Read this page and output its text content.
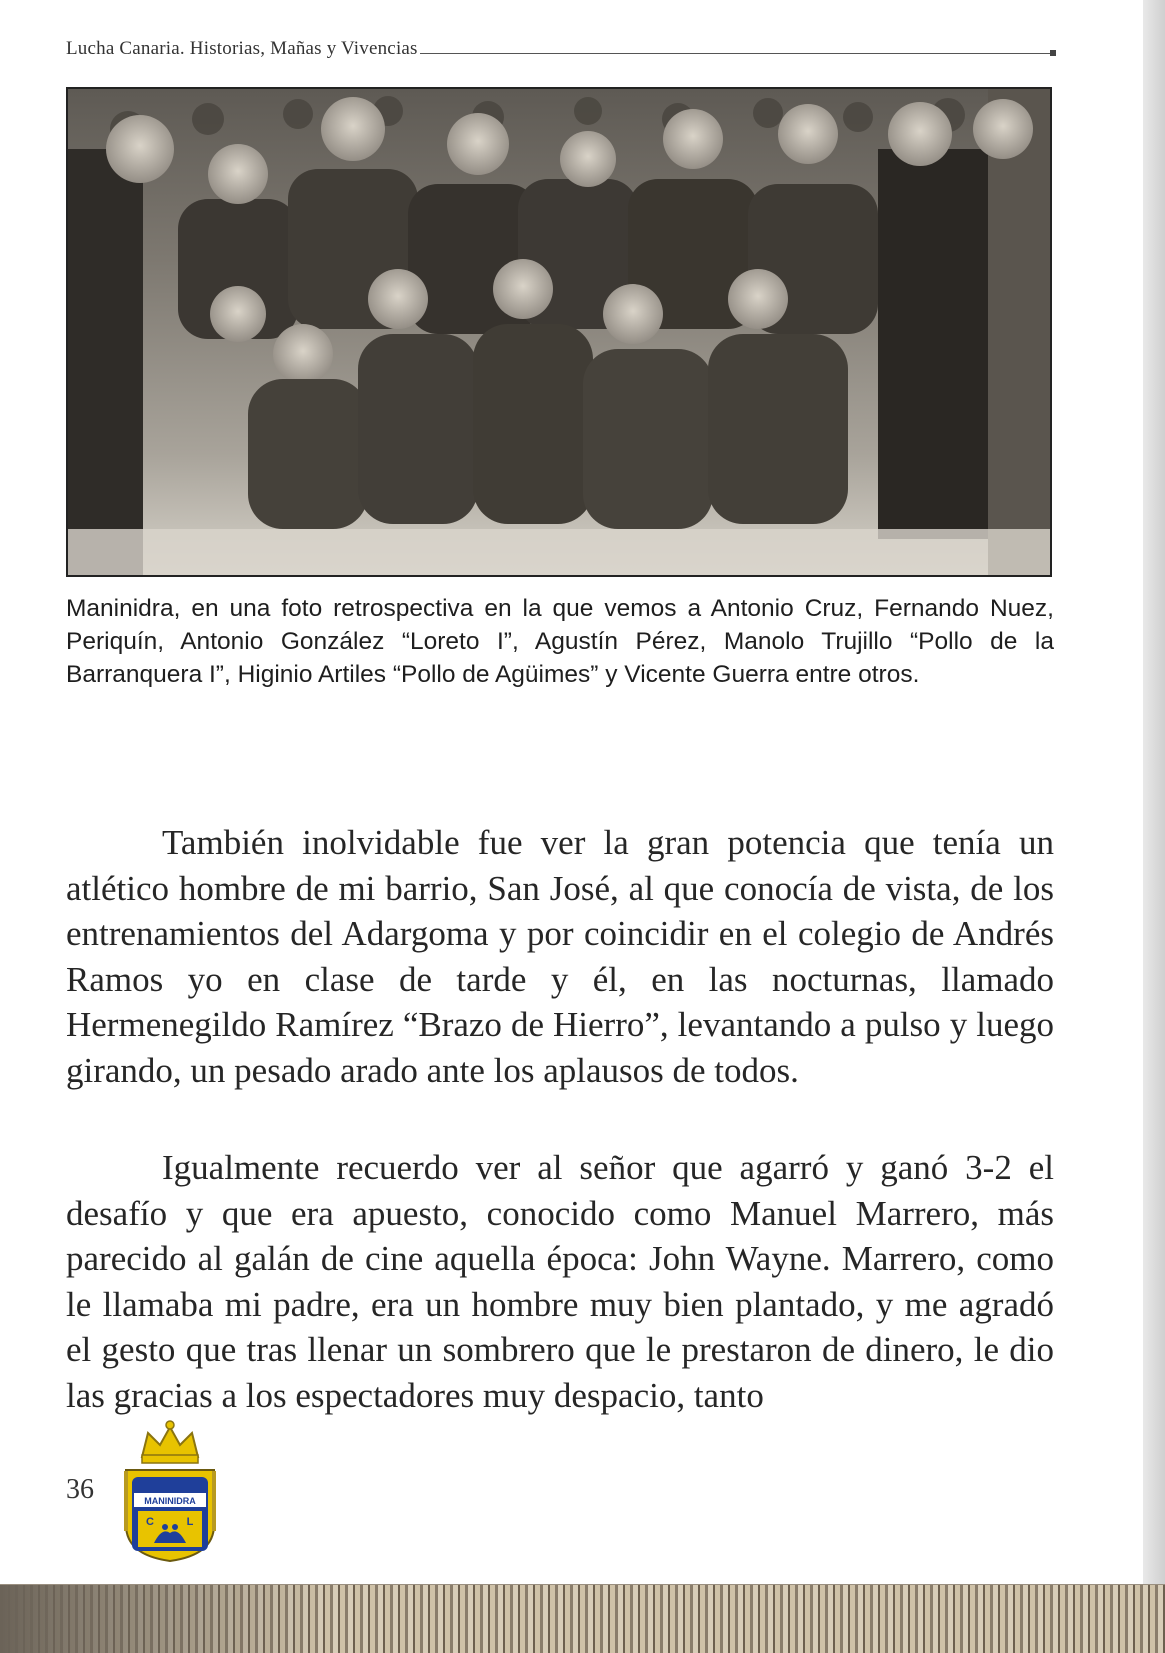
Lucha Canaria. Historias, Mañas y Vivencias
Maninidra, en una foto retrospectiva en la que vemos a Antonio Cruz, Fernando Nuez, Periquín, Antonio González “Loreto I”, Agustín Pérez, Manolo Trujillo “Pollo de la Barranquera I”, Higinio Artiles “Pollo de Agüimes” y Vicente Guerra entre otros.

También inolvidable fue ver la gran potencia que tenía un atlético hombre de mi barrio, San José, al que conocía de vista, de los entrenamientos del Adargoma y por coincidir en el colegio de Andrés Ramos yo en clase de tarde y él, en las nocturnas, llamado Hermenegildo Ramírez “Brazo de Hierro”, levantando a pulso y luego girando, un pesado arado ante los aplausos de todos.

Igualmente recuerdo ver al señor que agarró y ganó 3-2 el desafío y que era apuesto, conocido como Manuel Marrero, más parecido al galán de cine aquella época: John Wayne. Marrero, como le llamaba mi padre, era un hombre muy bien plantado, y me agradó el gesto que tras llenar un sombrero que le prestaron de dinero, le dio las gracias a los espectadores muy despacio, tanto

36	MANINIDRA
C	L
